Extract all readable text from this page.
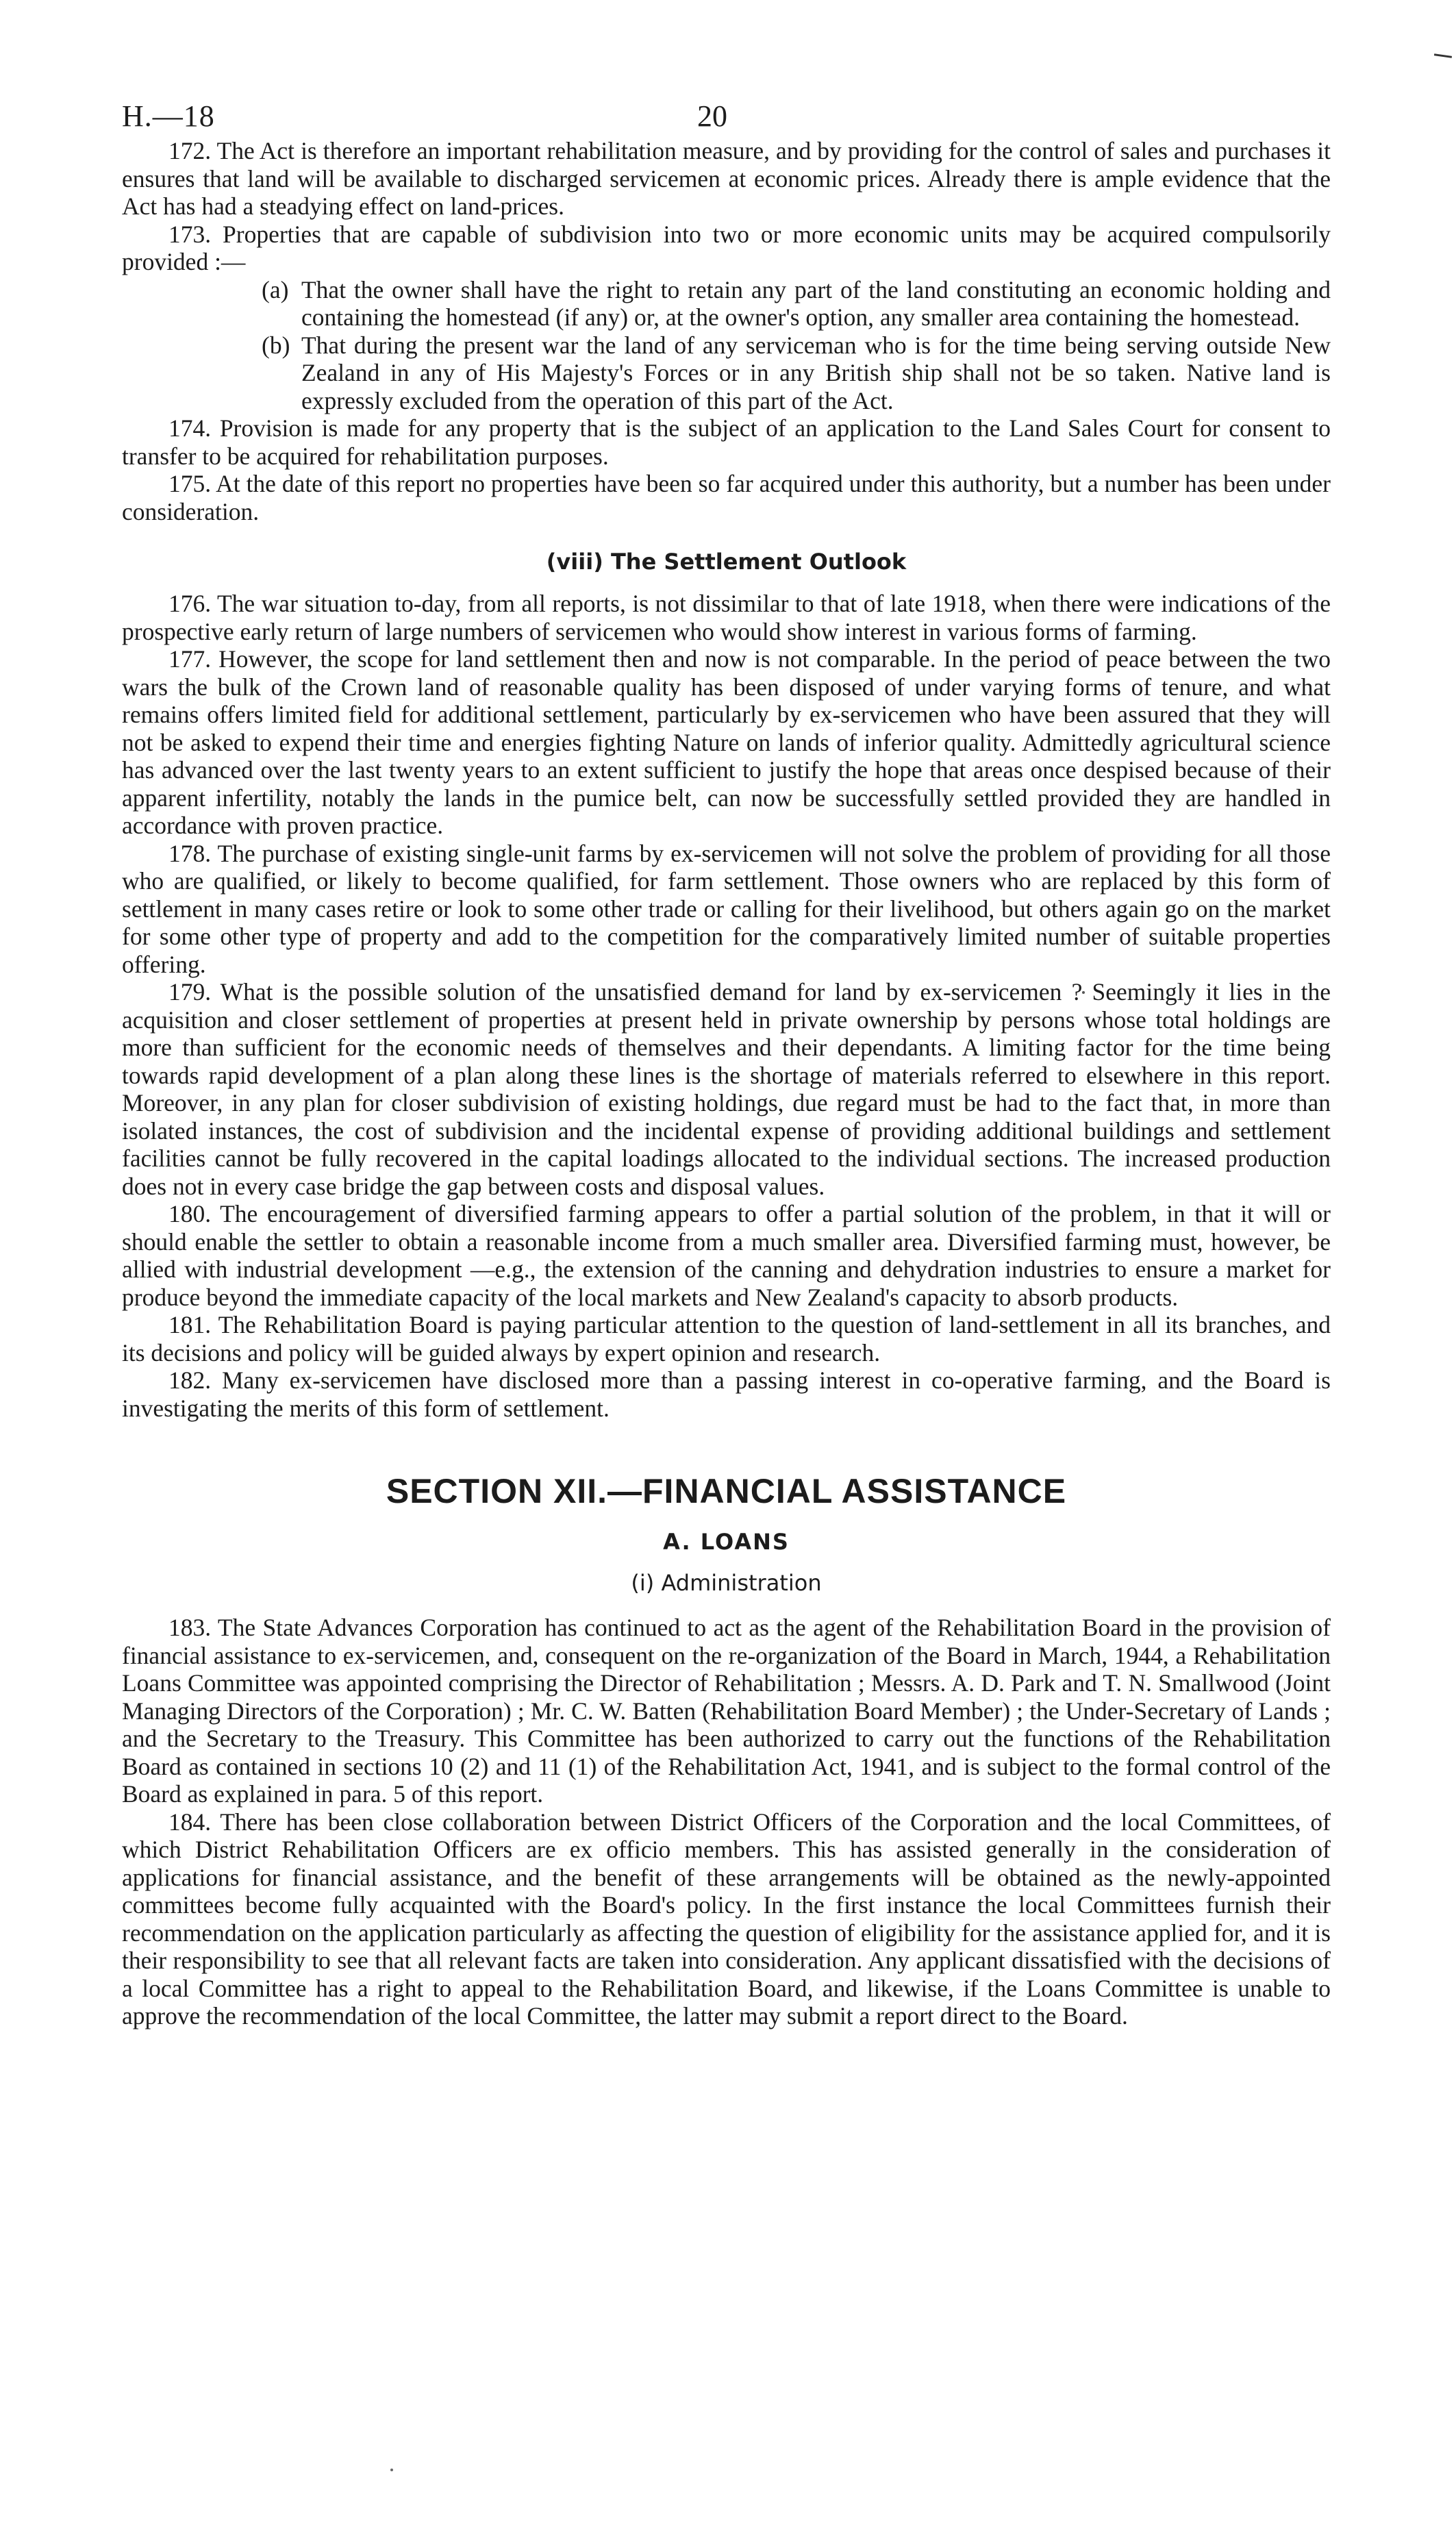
H.—18	20

172. The Act is therefore an important rehabilitation measure, and by providing for the control of sales and purchases it ensures that land will be available to discharged servicemen at economic prices. Already there is ample evidence that the Act has had a steadying effect on land-prices.

173. Properties that are capable of subdivision into two or more economic units may be acquired compulsorily provided :—

(a) That the owner shall have the right to retain any part of the land constituting an economic holding and containing the homestead (if any) or, at the owner's option, any smaller area containing the homestead.
(b) That during the present war the land of any serviceman who is for the time being serving outside New Zealand in any of His Majesty's Forces or in any British ship shall not be so taken. Native land is expressly excluded from the operation of this part of the Act.

174. Provision is made for any property that is the subject of an application to the Land Sales Court for consent to transfer to be acquired for rehabilitation purposes.

175. At the date of this report no properties have been so far acquired under this authority, but a number has been under consideration.

(viii) The Settlement Outlook

176. The war situation to-day, from all reports, is not dissimilar to that of late 1918, when there were indications of the prospective early return of large numbers of servicemen who would show interest in various forms of farming.

177. However, the scope for land settlement then and now is not comparable. In the period of peace between the two wars the bulk of the Crown land of reasonable quality has been disposed of under varying forms of tenure, and what remains offers limited field for additional settlement, particularly by ex-servicemen who have been assured that they will not be asked to expend their time and energies fighting Nature on lands of inferior quality. Admittedly agricultural science has advanced over the last twenty years to an extent sufficient to justify the hope that areas once despised because of their apparent infertility, notably the lands in the pumice belt, can now be successfully settled provided they are handled in accordance with proven practice.

178. The purchase of existing single-unit farms by ex-servicemen will not solve the problem of providing for all those who are qualified, or likely to become qualified, for farm settlement. Those owners who are replaced by this form of settlement in many cases retire or look to some other trade or calling for their livelihood, but others again go on the market for some other type of property and add to the competition for the comparatively limited number of suitable properties offering.

179. What is the possible solution of the unsatisfied demand for land by ex-servicemen ? Seemingly it lies in the acquisition and closer settlement of properties at present held in private ownership by persons whose total holdings are more than sufficient for the economic needs of themselves and their dependants. A limiting factor for the time being towards rapid development of a plan along these lines is the shortage of materials referred to elsewhere in this report. Moreover, in any plan for closer subdivision of existing holdings, due regard must be had to the fact that, in more than isolated instances, the cost of subdivision and the incidental expense of providing additional buildings and settlement facilities cannot be fully recovered in the capital loadings allocated to the individual sections. The increased production does not in every case bridge the gap between costs and disposal values.

180. The encouragement of diversified farming appears to offer a partial solution of the problem, in that it will or should enable the settler to obtain a reasonable income from a much smaller area. Diversified farming must, however, be allied with industrial development —e.g., the extension of the canning and dehydration industries to ensure a market for produce beyond the immediate capacity of the local markets and New Zealand's capacity to absorb products.

181. The Rehabilitation Board is paying particular attention to the question of land-settlement in all its branches, and its decisions and policy will be guided always by expert opinion and research.

182. Many ex-servicemen have disclosed more than a passing interest in co-operative farming, and the Board is investigating the merits of this form of settlement.

SECTION XII.—FINANCIAL ASSISTANCE
A. LOANS
(i) Administration

183. The State Advances Corporation has continued to act as the agent of the Rehabilitation Board in the provision of financial assistance to ex-servicemen, and, consequent on the re-organization of the Board in March, 1944, a Rehabilitation Loans Committee was appointed comprising the Director of Rehabilitation ; Messrs. A. D. Park and T. N. Smallwood (Joint Managing Directors of the Corporation) ; Mr. C. W. Batten (Rehabilitation Board Member) ; the Under-Secretary of Lands ; and the Secretary to the Treasury. This Committee has been authorized to carry out the functions of the Rehabilitation Board as contained in sections 10 (2) and 11 (1) of the Rehabilitation Act, 1941, and is subject to the formal control of the Board as explained in para. 5 of this report.

184. There has been close collaboration between District Officers of the Corporation and the local Committees, of which District Rehabilitation Officers are ex officio members. This has assisted generally in the consideration of applications for financial assistance, and the benefit of these arrangements will be obtained as the newly-appointed committees become fully acquainted with the Board's policy. In the first instance the local Committees furnish their recommendation on the application particularly as affecting the question of eligibility for the assistance applied for, and it is their responsibility to see that all relevant facts are taken into consideration. Any applicant dissatisfied with the decisions of a local Committee has a right to appeal to the Rehabilitation Board, and likewise, if the Loans Committee is unable to approve the recommendation of the local Committee, the latter may submit a report direct to the Board.
